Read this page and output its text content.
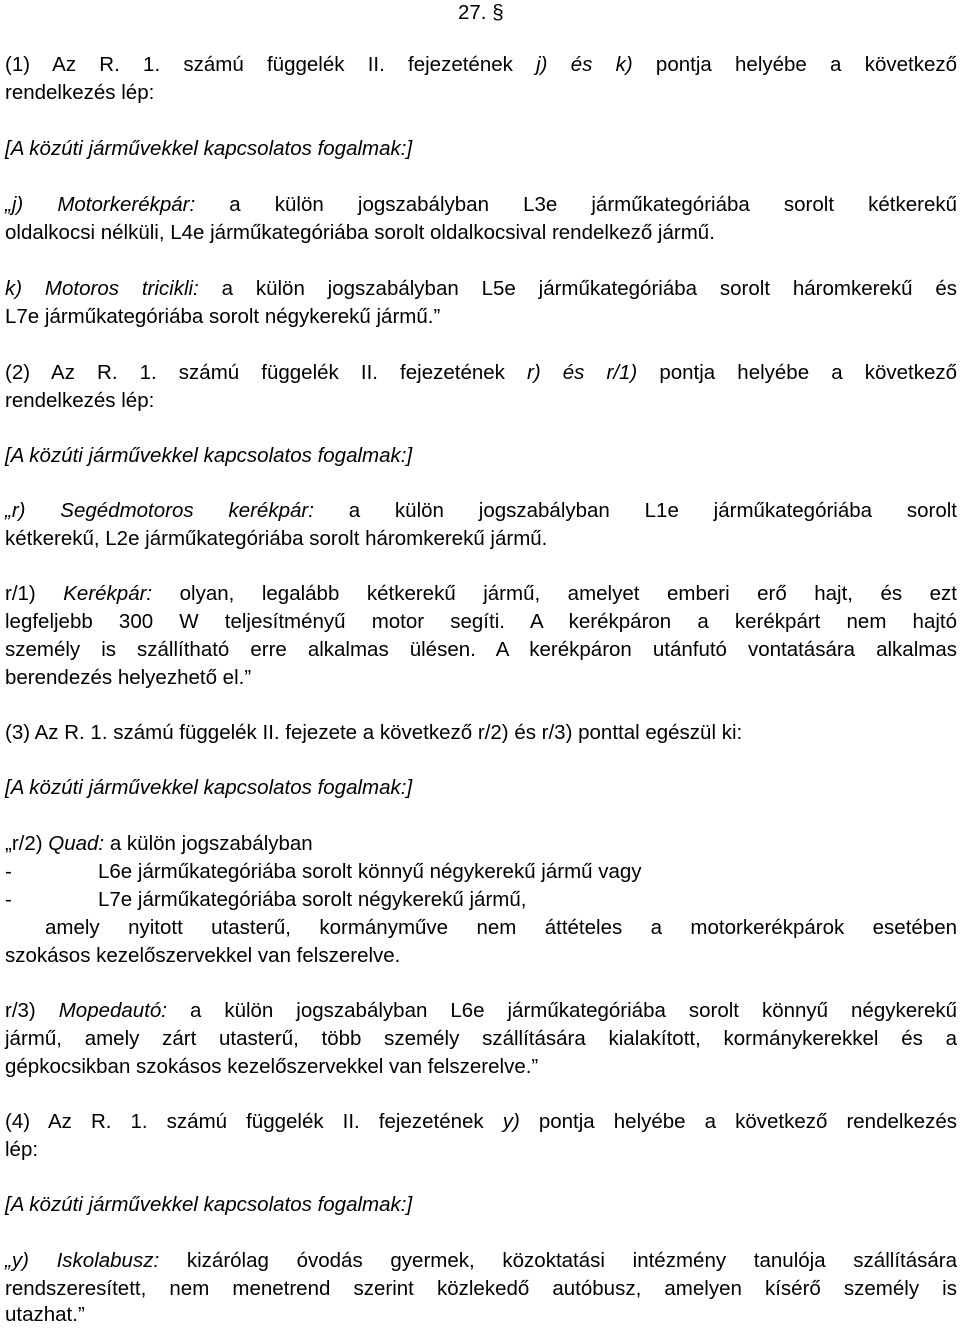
27. §
(1) Az R. 1. számú függelék II. fejezetének j) és k) pontja helyébe a következő
rendelkezés lép:
[A közúti járművekkel kapcsolatos fogalmak:]
„j) Motorkerékpár: a külön jogszabályban L3e járműkategóriába sorolt kétkerekű
oldalkocsi nélküli, L4e járműkategóriába sorolt oldalkocsival rendelkező jármű.
k) Motoros tricikli: a külön jogszabályban L5e járműkategóriába sorolt háromkerekű és
L7e járműkategóriába sorolt négykerekű jármű.”
(2) Az R. 1. számú függelék II. fejezetének r) és r/1) pontja helyébe a következő
rendelkezés lép:
[A közúti járművekkel kapcsolatos fogalmak:]
„r) Segédmotoros kerékpár: a külön jogszabályban L1e járműkategóriába sorolt
kétkerekű, L2e járműkategóriába sorolt háromkerekű jármű.
r/1) Kerékpár: olyan, legalább kétkerekű jármű, amelyet emberi erő hajt, és ezt
legfeljebb 300 W teljesítményű motor segíti. A kerékpáron a kerékpárt nem hajtó
személy is szállítható erre alkalmas ülésen. A kerékpáron utánfutó vontatására alkalmas
berendezés helyezhető el.”
(3) Az R. 1. számú függelék II. fejezete a következő r/2) és r/3) ponttal egészül ki:
[A közúti járművekkel kapcsolatos fogalmak:]
„r/2) Quad: a külön jogszabályban
-	L6e járműkategóriába sorolt könnyű négykerekű jármű vagy
-	L7e járműkategóriába sorolt négykerekű jármű,
amely nyitott utasterű, kormányműve nem áttételes a motorkerékpárok esetében
szokásos kezelőszervekkel van felszerelve.
r/3) Mopedautó: a külön jogszabályban L6e járműkategóriába sorolt könnyű négykerekű
jármű, amely zárt utasterű, több személy szállítására kialakított, kormánykerekkel és a
gépkocsikban szokásos kezelőszervekkel van felszerelve.”
(4) Az R. 1. számú függelék II. fejezetének y) pontja helyébe a következő rendelkezés
lép:
[A közúti járművekkel kapcsolatos fogalmak:]
„y) Iskolabusz: kizárólag óvodás gyermek, közoktatási intézmény tanulója szállítására
rendszeresített, nem menetrend szerint közlekedő autóbusz, amelyen kísérő személy is
utazhat.”
